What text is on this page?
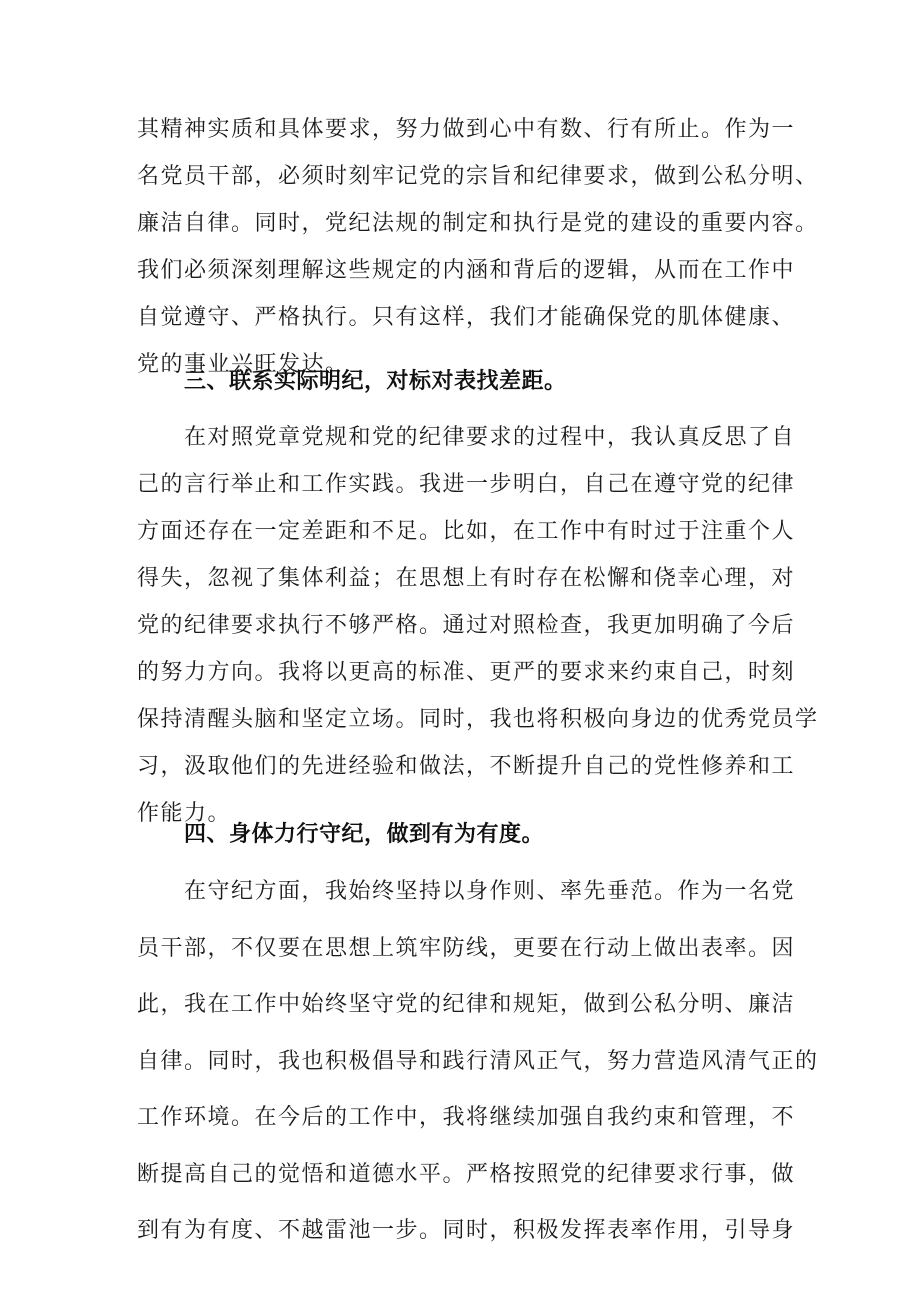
其精神实质和具体要求，努力做到心中有数、行有所止。作为一

名党员干部，必须时刻牢记党的宗旨和纪律要求，做到公私分明、

廉洁自律。同时，党纪法规的制定和执行是党的建设的重要内容。

我们必须深刻理解这些规定的内涵和背后的逻辑，从而在工作中

自觉遵守、严格执行。只有这样，我们才能确保党的肌体健康、

党的事业兴旺发达。

三、联系实际明纪，对标对表找差距。

在对照党章党规和党的纪律要求的过程中，我认真反思了自

己的言行举止和工作实践。我进一步明白，自己在遵守党的纪律

方面还存在一定差距和不足。比如，在工作中有时过于注重个人

得失，忽视了集体利益；在思想上有时存在松懈和侥幸心理，对

党的纪律要求执行不够严格。通过对照检查，我更加明确了今后

的努力方向。我将以更高的标准、更严的要求来约束自己，时刻

保持清醒头脑和坚定立场。同时，我也将积极向身边的优秀党员学

习，汲取他们的先进经验和做法，不断提升自己的党性修养和工

作能力。

四、身体力行守纪，做到有为有度。

在守纪方面，我始终坚持以身作则、率先垂范。作为一名党

员干部，不仅要在思想上筑牢防线，更要在行动上做出表率。因

此，我在工作中始终坚守党的纪律和规矩，做到公私分明、廉洁

自律。同时，我也积极倡导和践行清风正气，努力营造风清气正的

工作环境。在今后的工作中，我将继续加强自我约束和管理，不

断提高自己的觉悟和道德水平。严格按照党的纪律要求行事，做

到有为有度、不越雷池一步。同时，积极发挥表率作用，引导身
